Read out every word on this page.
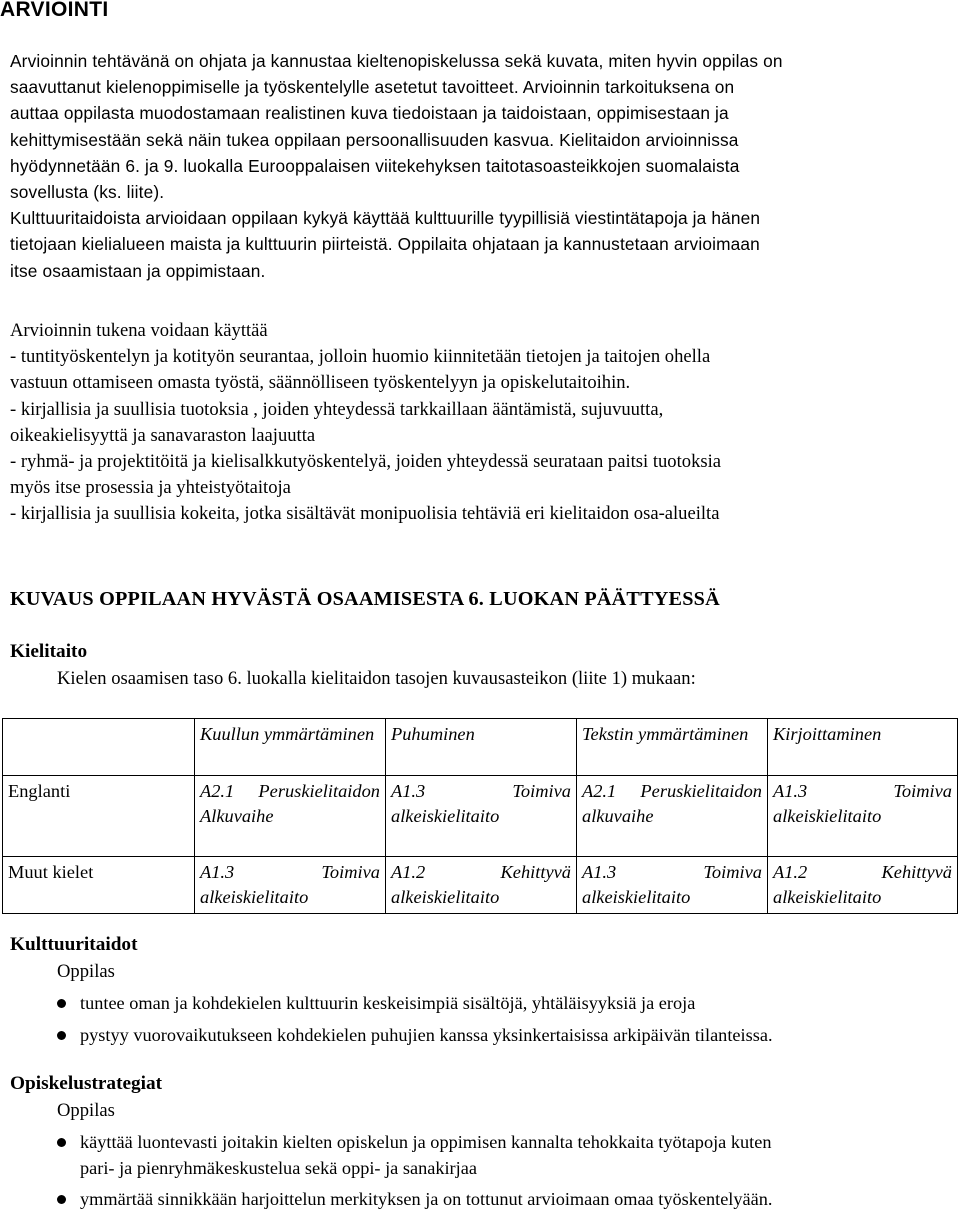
ARVIOINTI

Arvioinnin tehtävänä on ohjata ja kannustaa kieltenopiskelussa sekä kuvata, miten hyvin oppilas on
saavuttanut kielenoppimiselle ja työskentelylle asetetut tavoitteet. Arvioinnin tarkoituksena on
auttaa oppilasta muodostamaan realistinen kuva tiedoistaan ja taidoistaan, oppimisestaan ja
kehittymisestään sekä näin tukea oppilaan persoonallisuuden kasvua. Kielitaidon arvioinnissa
hyödynnetään 6. ja 9. luokalla Eurooppalaisen viitekehyksen taitotasoasteikkojen suomalaista
sovellusta (ks. liite).
Kulttuuritaidoista arvioidaan oppilaan kykyä käyttää kulttuurille tyypillisiä viestintätapoja ja hänen
tietojaan kielialueen maista ja kulttuurin piirteistä. Oppilaita ohjataan ja kannustetaan arvioimaan
itse osaamistaan ja oppimistaan.

Arvioinnin tukena voidaan käyttää
- tuntityöskentelyn ja kotityön seurantaa, jolloin huomio kiinnitetään tietojen ja taitojen ohella
vastuun ottamiseen omasta työstä, säännölliseen työskentelyyn ja opiskelutaitoihin.
- kirjallisia ja suullisia tuotoksia , joiden yhteydessä tarkkaillaan ääntämistä, sujuvuutta,
oikeakielisyyttä ja sanavaraston laajuutta
- ryhmä- ja projektitöitä ja kielisalkkutyöskentelyä, joiden yhteydessä seurataan paitsi tuotoksia
myös itse prosessia ja yhteistyötaitoja
- kirjallisia ja suullisia kokeita, jotka sisältävät monipuolisia tehtäviä eri kielitaidon osa-alueilta

KUVAUS OPPILAAN HYVÄSTÄ OSAAMISESTA 6. LUOKAN PÄÄTTYESSÄ
Kielitaito

Kielen osaamisen taso 6. luokalla kielitaidon tasojen kuvausasteikon (liite 1) mukaan:

	Kuullun ymmärtäminen	Puhuminen	Tekstin ymmärtäminen	Kirjoittaminen
Englanti	A2.1 Peruskielitaidon Alkuvaihe	A1.3 Toimiva alkeiskielitaito	A2.1 Peruskielitaidon alkuvaihe	A1.3 Toimiva alkeiskielitaito
Muut kielet	A1.3 Toimiva alkeiskielitaito	A1.2 Kehittyvä alkeiskielitaito	A1.3 Toimiva alkeiskielitaito	A1.2 Kehittyvä alkeiskielitaito
Kulttuuritaidot

Oppilas

tuntee oman ja kohdekielen kulttuurin keskeisimpiä sisältöjä, yhtäläisyyksiä ja eroja
pystyy vuorovaikutukseen kohdekielen puhujien kanssa yksinkertaisissa arkipäivän tilanteissa.
Opiskelustrategiat

Oppilas

käyttää luontevasti joitakin kielten opiskelun ja oppimisen kannalta tehokkaita työtapoja kuten
pari- ja pienryhmäkeskustelua sekä oppi- ja sanakirjaa
ymmärtää sinnikkään harjoittelun merkityksen ja on tottunut arvioimaan omaa työskentelyään.
